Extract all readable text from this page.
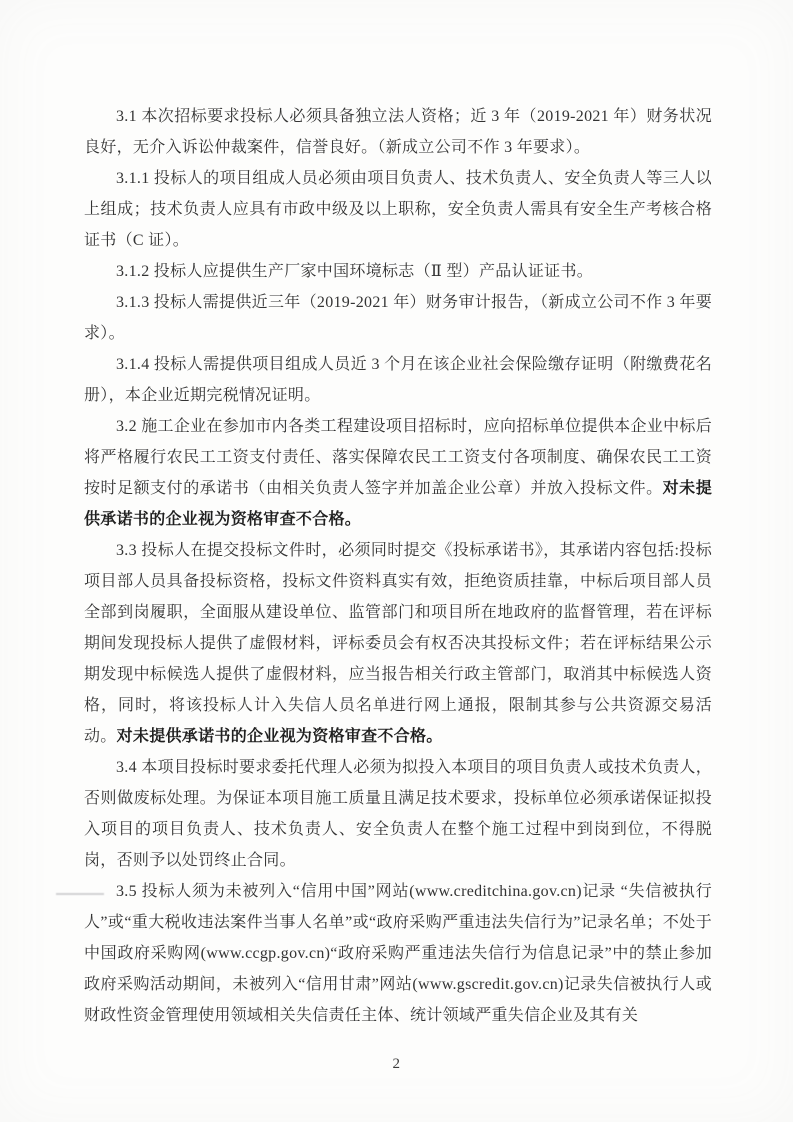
3.1 本次招标要求投标人必须具备独立法人资格；近 3 年（2019-2021 年）财务状况良好，无介入诉讼仲裁案件，信誉良好。（新成立公司不作 3 年要求）。

3.1.1 投标人的项目组成人员必须由项目负责人、技术负责人、安全负责人等三人以上组成；技术负责人应具有市政中级及以上职称，安全负责人需具有安全生产考核合格证书（C 证）。

3.1.2 投标人应提供生产厂家中国环境标志（Ⅱ 型）产品认证证书。

3.1.3 投标人需提供近三年（2019-2021 年）财务审计报告，（新成立公司不作 3 年要求）。

3.1.4 投标人需提供项目组成人员近 3 个月在该企业社会保险缴存证明（附缴费花名册），本企业近期完税情况证明。

3.2 施工企业在参加市内各类工程建设项目招标时，应向招标单位提供本企业中标后将严格履行农民工工资支付责任、落实保障农民工工资支付各项制度、确保农民工工资按时足额支付的承诺书（由相关负责人签字并加盖企业公章）并放入投标文件。对未提供承诺书的企业视为资格审查不合格。

3.3 投标人在提交投标文件时，必须同时提交《投标承诺书》，其承诺内容包括:投标项目部人员具备投标资格，投标文件资料真实有效，拒绝资质挂靠，中标后项目部人员全部到岗履职，全面服从建设单位、监管部门和项目所在地政府的监督管理，若在评标期间发现投标人提供了虚假材料，评标委员会有权否决其投标文件；若在评标结果公示期发现中标候选人提供了虚假材料，应当报告相关行政主管部门，取消其中标候选人资格，同时，将该投标人计入失信人员名单进行网上通报，限制其参与公共资源交易活动。对未提供承诺书的企业视为资格审查不合格。

3.4 本项目投标时要求委托代理人必须为拟投入本项目的项目负责人或技术负责人，否则做废标处理。为保证本项目施工质量且满足技术要求，投标单位必须承诺保证拟投入项目的项目负责人、技术负责人、安全负责人在整个施工过程中到岗到位，不得脱岗，否则予以处罚终止合同。

3.5 投标人须为未被列入“信用中国”网站(www.creditchina.gov.cn)记录 “失信被执行人”或“重大税收违法案件当事人名单”或“政府采购严重违法失信行为”记录名单；不处于中国政府采购网(www.ccgp.gov.cn)“政府采购严重违法失信行为信息记录”中的禁止参加政府采购活动期间，未被列入“信用甘肃”网站(www.gscredit.gov.cn)记录失信被执行人或财政性资金管理使用领域相关失信责任主体、统计领域严重失信企业及其有关

2
